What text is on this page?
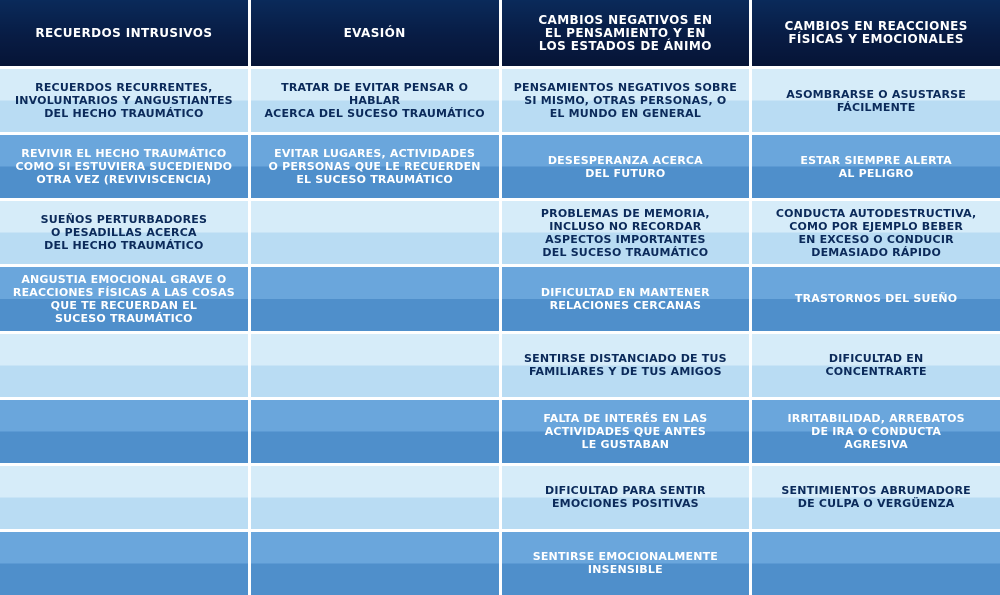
RECUERDOS INTRUSIVOS	EVASIÓN
CAMBIOS NEGATIVOS EN
EL PENSAMIENTO Y EN
LOS ESTADOS DE ÁNIMO
CAMBIOS EN REACCIONES
FÍSICAS Y EMOCIONALES
RECUERDOS RECURRENTES,
INVOLUNTARIOS Y ANGUSTIANTES
DEL HECHO TRAUMÁTICO
TRATAR DE EVITAR PENSAR O HABLAR
ACERCA DEL SUCESO TRAUMÁTICO
PENSAMIENTOS NEGATIVOS SOBRE
SI MISMO, OTRAS PERSONAS, O
EL MUNDO EN GENERAL
ASOMBRARSE O ASUSTARSE
FÁCILMENTE
REVIVIR EL HECHO TRAUMÁTICO
COMO SI ESTUVIERA SUCEDIENDO
OTRA VEZ (REVIVISCENCIA)
EVITAR LUGARES, ACTIVIDADES
O PERSONAS QUE LE RECUERDEN
EL SUCESO TRAUMÁTICO
DESESPERANZA ACERCA
DEL FUTURO
ESTAR SIEMPRE ALERTA
AL PELIGRO
SUEÑOS PERTURBADORES
O PESADILLAS ACERCA
DEL HECHO TRAUMÁTICO
PROBLEMAS DE MEMORIA,
INCLUSO NO RECORDAR
ASPECTOS IMPORTANTES
DEL SUCESO TRAUMÁTICO
CONDUCTA AUTODESTRUCTIVA,
COMO POR EJEMPLO BEBER
EN EXCESO O CONDUCIR
DEMASIADO RÁPIDO
ANGUSTIA EMOCIONAL GRAVE O
REACCIONES FÍSICAS A LAS COSAS
QUE TE RECUERDAN EL
SUCESO TRAUMÁTICO
DIFICULTAD EN MANTENER
RELACIONES CERCANAS	TRASTORNOS DEL SUEÑO
SENTIRSE DISTANCIADO DE TUS
FAMILIARES Y DE TUS AMIGOS
DIFICULTAD EN
CONCENTRARTE
FALTA DE INTERÉS EN LAS
ACTIVIDADES QUE ANTES
LE GUSTABAN
IRRITABILIDAD, ARREBATOS
DE IRA O CONDUCTA
AGRESIVA
DIFICULTAD PARA SENTIR
EMOCIONES POSITIVAS
SENTIMIENTOS ABRUMADORE
DE CULPA O VERGÜENZA
SENTIRSE EMOCIONALMENTE
INSENSIBLE
